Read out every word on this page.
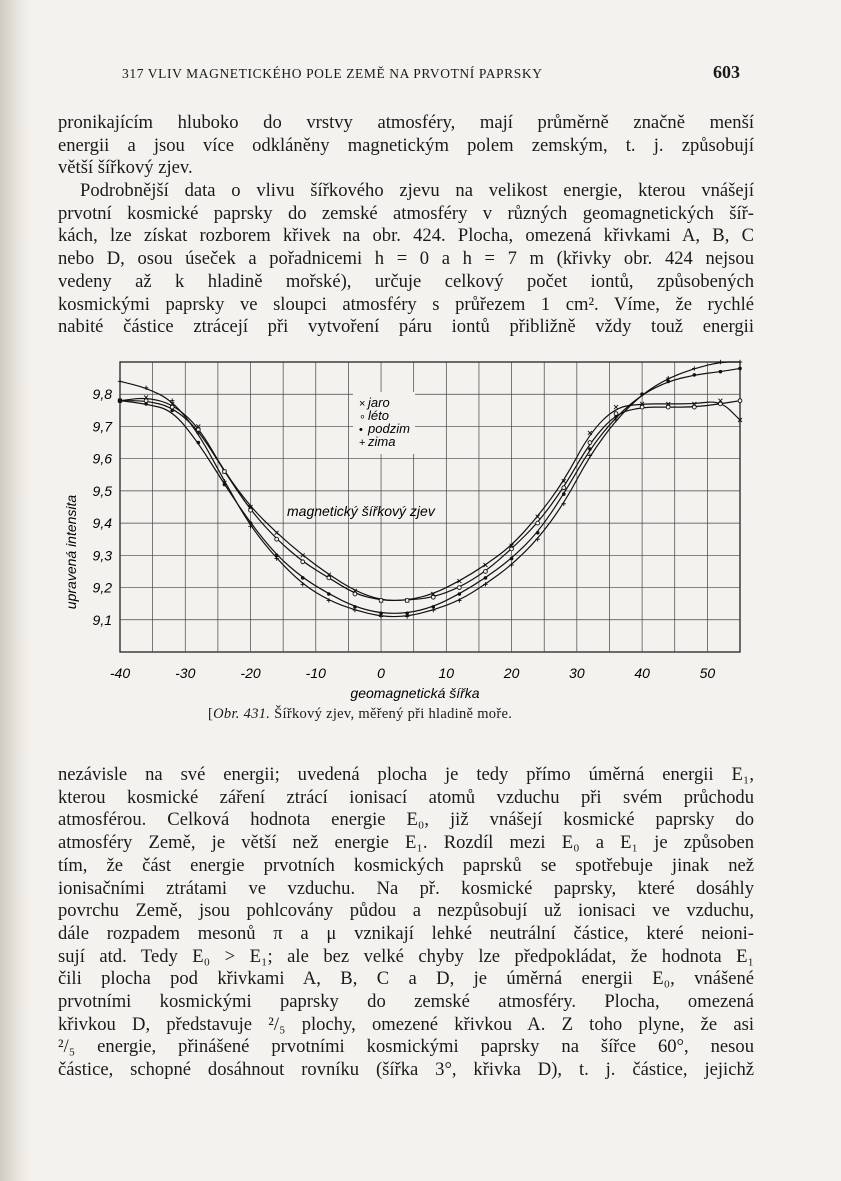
317 VLIV MAGNETICKÉHO POLE ZEMĚ NA PRVOTNÍ PAPRSKY	603
pronikajícím hluboko do vrstvy atmosféry, mají průměrně značně menší
energii a jsou více odkláněny magnetickým polem zemským, t. j. způsobují
větší šířkový zjev.
Podrobnější data o vlivu šířkového zjevu na velikost energie, kterou vnášejí
prvotní kosmické paprsky do zemské atmosféry v různých geomagnetických šíř-
kách, lze získat rozborem křivek na obr. 424. Plocha, omezená křivkami A, B, C
nebo D, osou úseček a pořadnicemi h = 0 a h = 7 m (křivky obr. 424 nejsou
vedeny až k hladině mořské), určuje celkový počet iontů, způsobených
kosmickými paprsky ve sloupci atmosféry s průřezem 1 cm². Víme, že rychlé
nabité částice ztrácejí při vytvoření páru iontů přibližně vždy touž energii
9,1
9,2
9,3
9,4
9,5
9,6
9,7
9,8
-40	-30	-20	-10	0	10	20	30	40	50
× jaro
∘ léto
• podzim
+ zima
magnetický šířkový zjev
geomagnetická šířka
upravená intensita
[Obr. 431. Šířkový zjev, měřený při hladině moře.
nezávisle na své energii; uvedená plocha je tedy přímo úměrná energii E₁,
kterou kosmické záření ztrácí ionisací atomů vzduchu při svém průchodu
atmosférou. Celková hodnota energie E₀, již vnášejí kosmické paprsky do
atmosféry Země, je větší než energie E₁. Rozdíl mezi E₀ a E₁ je způsoben
tím, že část energie prvotních kosmických paprsků se spotřebuje jinak než
ionisačními ztrátami ve vzduchu. Na př. kosmické paprsky, které dosáhly
povrchu Země, jsou pohlcovány půdou a nezpůsobují už ionisaci ve vzduchu,
dále rozpadem mesonů π a μ vznikají lehké neutrální částice, které neioni-
sují atd. Tedy E₀ > E₁; ale bez velké chyby lze předpokládat, že hodnota E₁
čili plocha pod křivkami A, B, C a D, je úměrná energii E₀, vnášené
prvotními kosmickými paprsky do zemské atmosféry. Plocha, omezená
křivkou D, představuje ²/₅ plochy, omezené křivkou A. Z toho plyne, že asi
²/₅ energie, přinášené prvotními kosmickými paprsky na šířce 60°, nesou
částice, schopné dosáhnout rovníku (šířka 3°, křivka D), t. j. částice, jejichž
